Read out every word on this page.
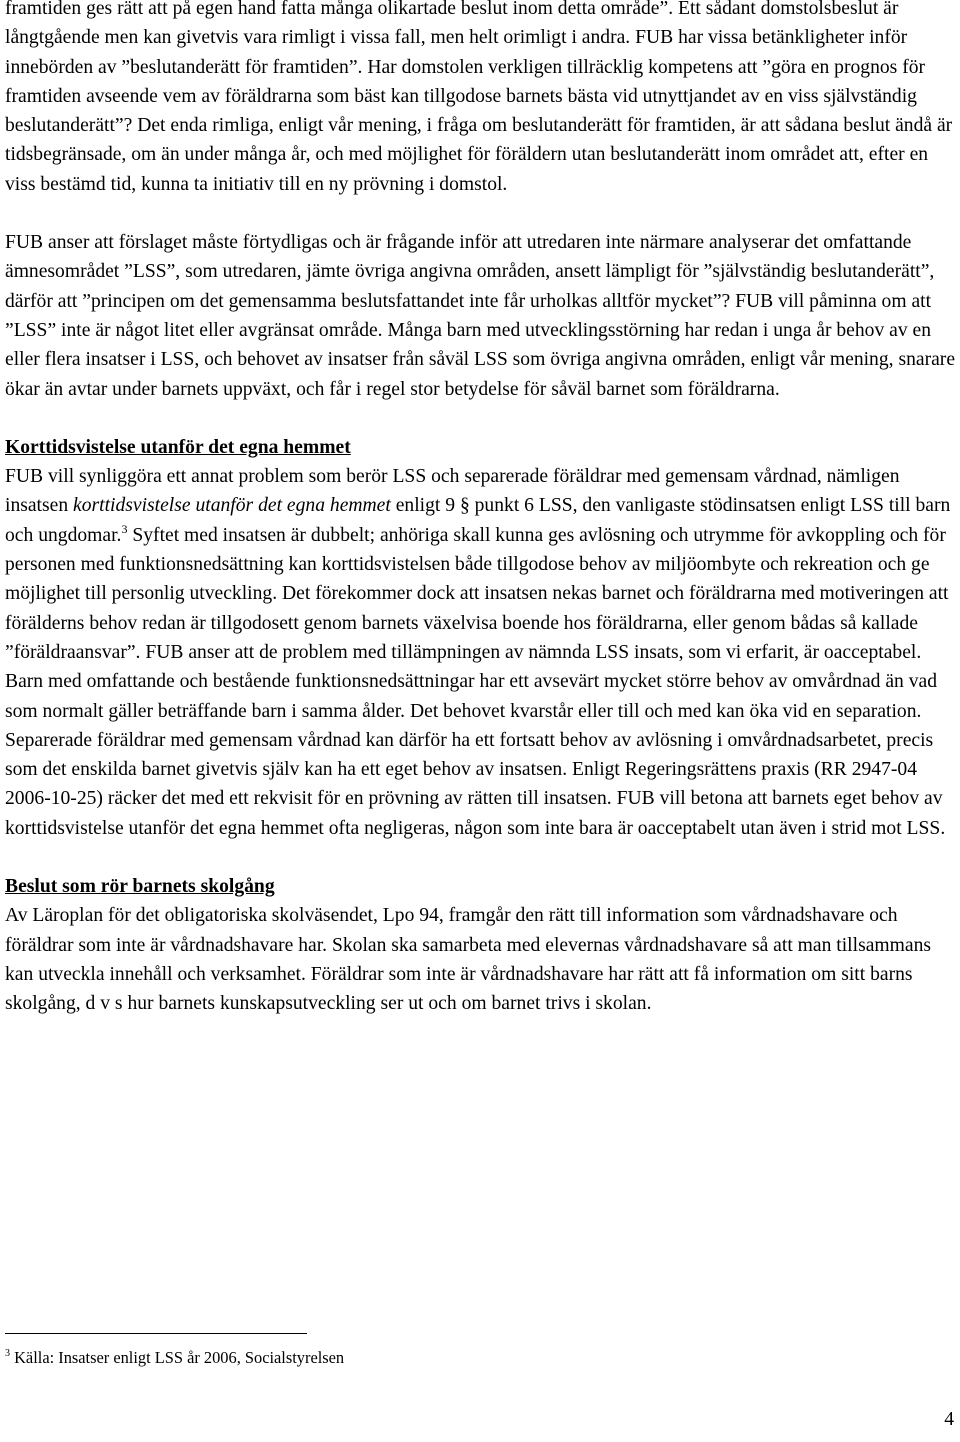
framtiden ges rätt att på egen hand fatta många olikartade beslut inom detta område”. Ett sådant domstolsbeslut är långtgående men kan givetvis vara rimligt i vissa fall, men helt orimligt i andra. FUB har vissa betänkligheter inför innebörden av ”beslutanderätt för framtiden”. Har domstolen verkligen tillräcklig kompetens att ”göra en prognos för framtiden avseende vem av föräldrarna som bäst kan tillgodose barnets bästa vid utnyttjandet av en viss självständig beslutanderätt”? Det enda rimliga, enligt vår mening, i fråga om beslutanderätt för framtiden, är att sådana beslut ändå är tidsbegränsade, om än under många år, och med möjlighet för föräldern utan beslutanderätt inom området att, efter en viss bestämd tid, kunna ta initiativ till en ny prövning i domstol.

FUB anser att förslaget måste förtydligas och är frågande inför att utredaren inte närmare analyserar det omfattande ämnesområdet ”LSS”, som utredaren, jämte övriga angivna områden, ansett lämpligt för ”självständig beslutanderätt”, därför att ”principen om det gemensamma beslutsfattandet inte får urholkas alltför mycket”? FUB vill påminna om att ”LSS” inte är något litet eller avgränsat område. Många barn med utvecklingsstörning har redan i unga år behov av en eller flera insatser i LSS, och behovet av insatser från såväl LSS som övriga angivna områden, enligt vår mening, snarare ökar än avtar under barnets uppväxt, och får i regel stor betydelse för såväl barnet som föräldrarna.

Korttidsvistelse utanför det egna hemmet

FUB vill synliggöra ett annat problem som berör LSS och separerade föräldrar med gemensam vårdnad, nämligen insatsen korttidsvistelse utanför det egna hemmet enligt 9 § punkt 6 LSS, den vanligaste stödinsatsen enligt LSS till barn och ungdomar.$^3$ Syftet med insatsen är dubbelt; anhöriga skall kunna ges avlösning och utrymme för avkoppling och för personen med funktionsnedsättning kan korttidsvistelsen både tillgodose behov av miljöombyte och rekreation och ge möjlighet till personlig utveckling. Det förekommer dock att insatsen nekas barnet och föräldrarna med motiveringen att förälderns behov redan är tillgodosett genom barnets växelvisa boende hos föräldrarna, eller genom bådas så kallade ”föräldraansvar”. FUB anser att de problem med tillämpningen av nämnda LSS insats, som vi erfarit, är oacceptabel. Barn med omfattande och bestående funktionsnedsättningar har ett avsevärt mycket större behov av omvårdnad än vad som normalt gäller beträffande barn i samma ålder. Det behovet kvarstår eller till och med kan öka vid en separation. Separerade föräldrar med gemensam vårdnad kan därför ha ett fortsatt behov av avlösning i omvårdnadsarbetet, precis som det enskilda barnet givetvis själv kan ha ett eget behov av insatsen. Enligt Regeringsrättens praxis (RR 2947-04 2006-10-25) räcker det med ett rekvisit för en prövning av rätten till insatsen. FUB vill betona att barnets eget behov av korttidsvistelse utanför det egna hemmet ofta negligeras, någon som inte bara är oacceptabelt utan även i strid mot LSS.

Beslut som rör barnets skolgång

Av Läroplan för det obligatoriska skolväsendet, Lpo 94, framgår den rätt till information som vårdnadshavare och föräldrar som inte är vårdnadshavare har. Skolan ska samarbeta med elevernas vårdnadshavare så att man tillsammans kan utveckla innehåll och verksamhet. Föräldrar som inte är vårdnadshavare har rätt att få information om sitt barns skolgång, d v s hur barnets kunskapsutveckling ser ut och om barnet trivs i skolan.

$^3$ Källa: Insatser enligt LSS år 2006, Socialstyrelsen
4
